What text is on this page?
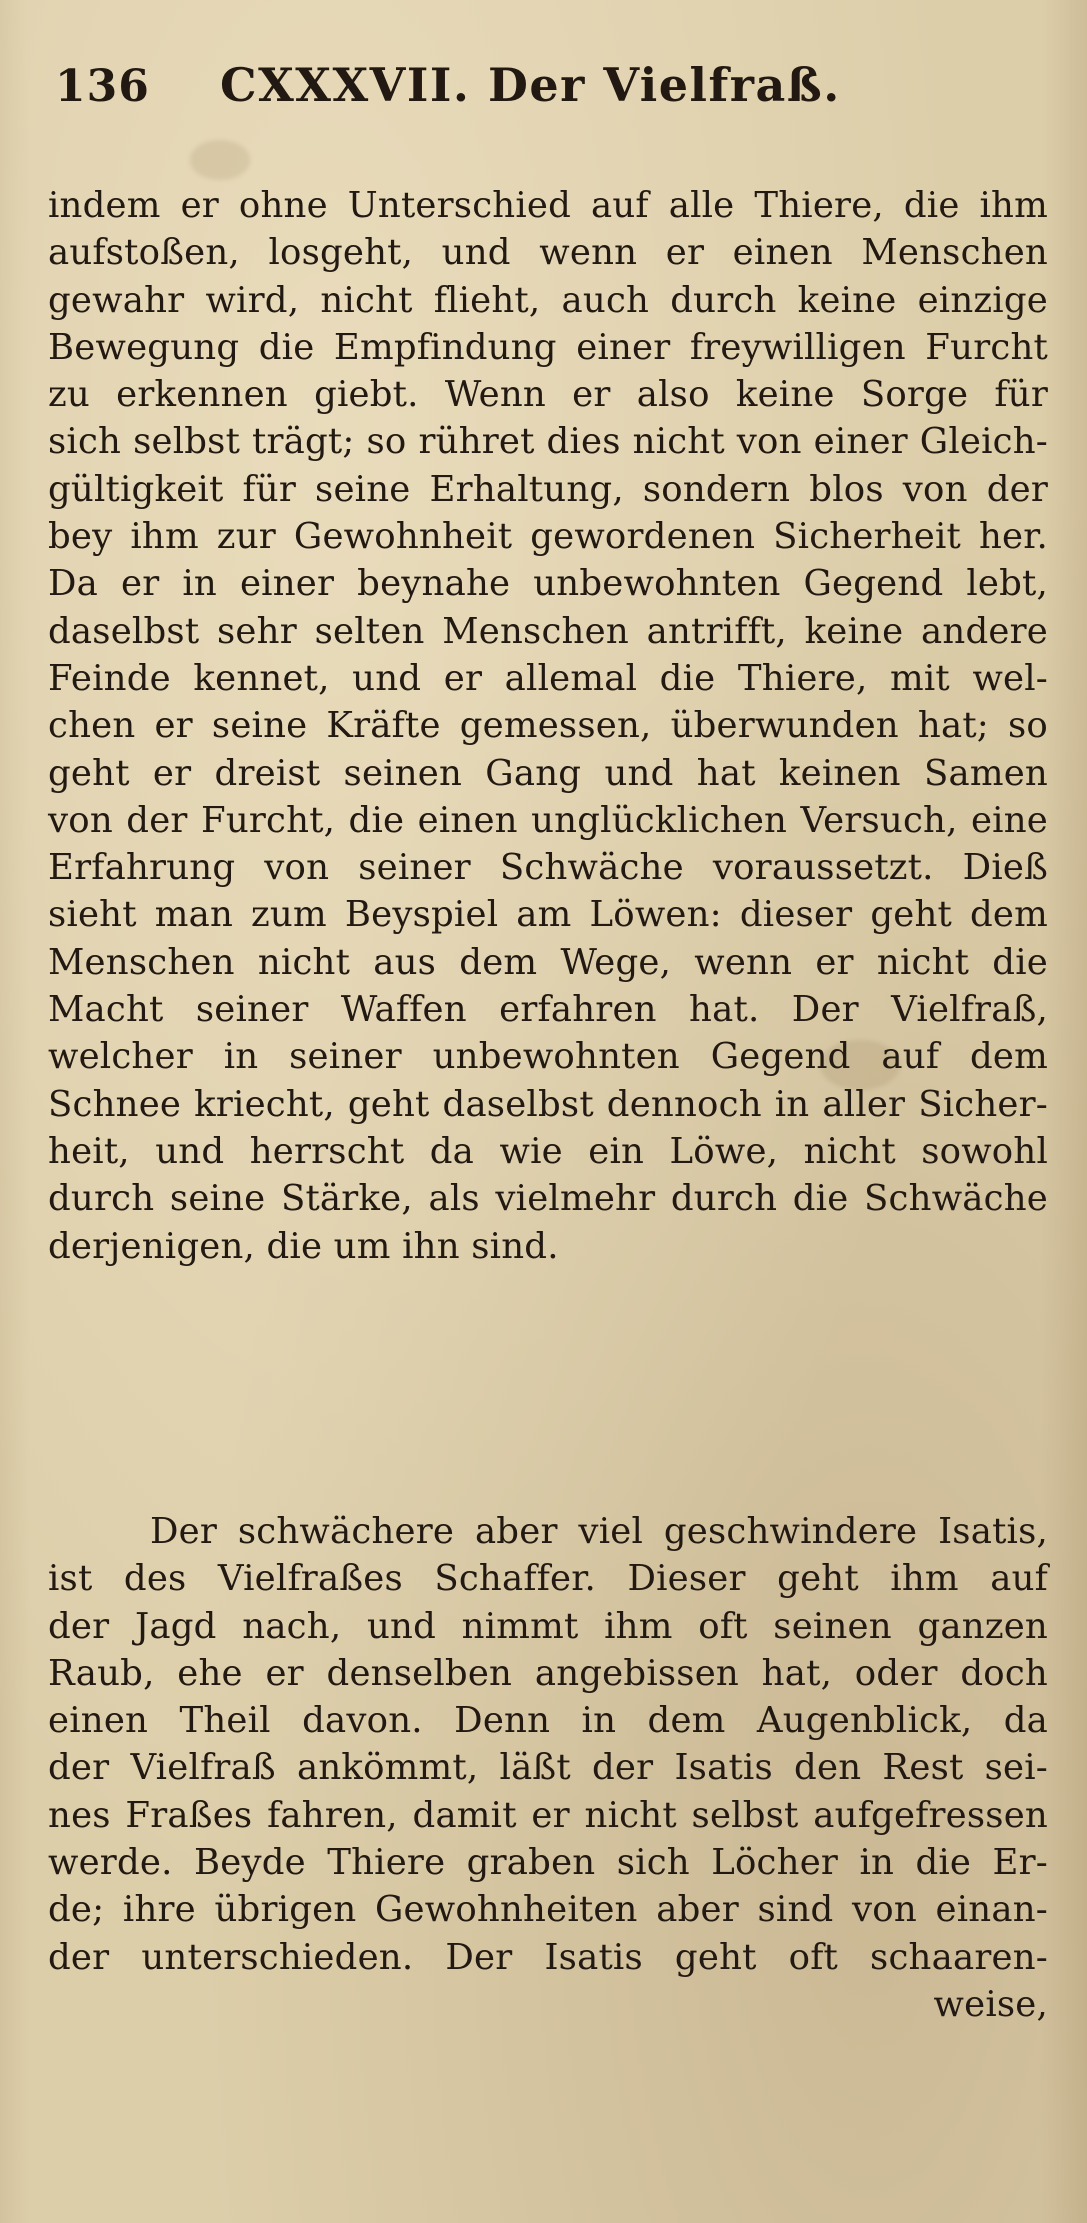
136	CXXXVII. Der Vielfraß.
indem er ohne Unterschied auf alle Thiere, die ihm
aufstoßen, losgeht, und wenn er einen Menschen
gewahr wird, nicht flieht, auch durch keine einzige
Bewegung die Empfindung einer freywilligen Furcht
zu erkennen giebt. Wenn er also keine Sorge für
sich selbst trägt; so rühret dies nicht von einer Gleich-
gültigkeit für seine Erhaltung, sondern blos von der
bey ihm zur Gewohnheit gewordenen Sicherheit her.
Da er in einer beynahe unbewohnten Gegend lebt,
daselbst sehr selten Menschen antrifft, keine andere
Feinde kennet, und er allemal die Thiere, mit wel-
chen er seine Kräfte gemessen, überwunden hat; so
geht er dreist seinen Gang und hat keinen Samen
von der Furcht, die einen unglücklichen Versuch, eine
Erfahrung von seiner Schwäche voraussetzt. Dieß
sieht man zum Beyspiel am Löwen: dieser geht dem
Menschen nicht aus dem Wege, wenn er nicht die
Macht seiner Waffen erfahren hat. Der Vielfraß,
welcher in seiner unbewohnten Gegend auf dem
Schnee kriecht, geht daselbst dennoch in aller Sicher-
heit, und herrscht da wie ein Löwe, nicht sowohl
durch seine Stärke, als vielmehr durch die Schwäche
derjenigen, die um ihn sind.
Der schwächere aber viel geschwindere Isatis,
ist des Vielfraßes Schaffer. Dieser geht ihm auf
der Jagd nach, und nimmt ihm oft seinen ganzen
Raub, ehe er denselben angebissen hat, oder doch
einen Theil davon. Denn in dem Augenblick, da
der Vielfraß ankömmt, läßt der Isatis den Rest sei-
nes Fraßes fahren, damit er nicht selbst aufgefressen
werde. Beyde Thiere graben sich Löcher in die Er-
de; ihre übrigen Gewohnheiten aber sind von einan-
der unterschieden. Der Isatis geht oft schaaren-
weise,
